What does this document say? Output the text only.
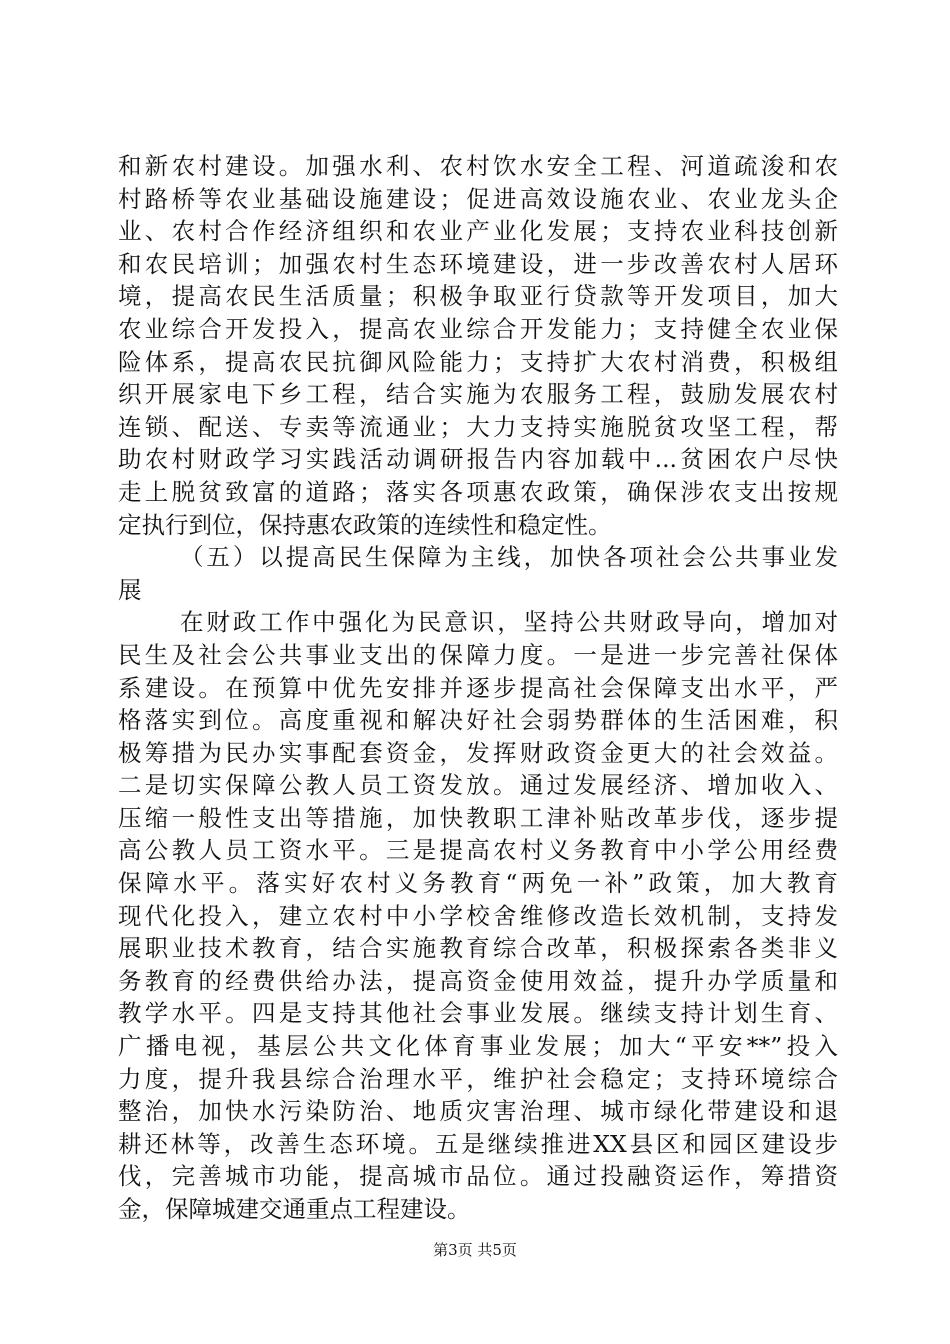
和新农村建设。加强水利、农村饮水安全工程、河道疏浚和农
村路桥等农业基础设施建设；促进高效设施农业、农业龙头企
业、农村合作经济组织和农业产业化发展；支持农业科技创新
和农民培训；加强农村生态环境建设，进一步改善农村人居环
境，提高农民生活质量；积极争取亚行贷款等开发项目，加大
农业综合开发投入，提高农业综合开发能力；支持健全农业保
险体系，提高农民抗御风险能力；支持扩大农村消费，积极组
织开展家电下乡工程，结合实施为农服务工程，鼓励发展农村
连锁、配送、专卖等流通业；大力支持实施脱贫攻坚工程，帮
助农村财政学习实践活动调研报告内容加载中...贫困农户尽快
走上脱贫致富的道路；落实各项惠农政策，确保涉农支出按规
定执行到位，保持惠农政策的连续性和稳定性。
（五）以提高民生保障为主线，加快各项社会公共事业发
展
在财政工作中强化为民意识，坚持公共财政导向，增加对
民生及社会公共事业支出的保障力度。一是进一步完善社保体
系建设。在预算中优先安排并逐步提高社会保障支出水平，严
格落实到位。高度重视和解决好社会弱势群体的生活困难，积
极筹措为民办实事配套资金，发挥财政资金更大的社会效益。
二是切实保障公教人员工资发放。通过发展经济、增加收入、
压缩一般性支出等措施，加快教职工津补贴改革步伐，逐步提
高公教人员工资水平。三是提高农村义务教育中小学公用经费
保障水平。落实好农村义务教育“两免一补”政策，加大教育
现代化投入，建立农村中小学校舍维修改造长效机制，支持发
展职业技术教育，结合实施教育综合改革，积极探索各类非义
务教育的经费供给办法，提高资金使用效益，提升办学质量和
教学水平。四是支持其他社会事业发展。继续支持计划生育、
广播电视，基层公共文化体育事业发展；加大“平安**”投入
力度，提升我县综合治理水平，维护社会稳定；支持环境综合
整治，加快水污染防治、地质灾害治理、城市绿化带建设和退
耕还林等，改善生态环境。五是继续推进XX县区和园区建设步
伐，完善城市功能，提高城市品位。通过投融资运作，筹措资
金，保障城建交通重点工程建设。
第3页 共5页
